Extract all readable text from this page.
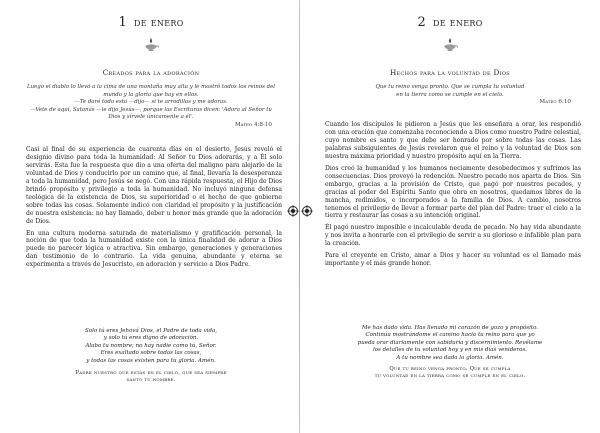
1 de enero
Creados para la adoración
Luego el diablo lo llevó a la cima de una montaña muy alta y le mostró todos los reinos del mundo y la gloria que hay en ellos.
—Te daré todo esto —dijo— si te arrodillas y me adoras.
—Vete de aquí, Satanás —le dijo Jesús—, porque las Escrituras dicen: 'Adora al Señor tu Dios y sírvele únicamente a él'.
Mateo 4:8-10

Casi al final de su experiencia de cuarenta días en el desierto, Jesús reveló el designio divino para toda la humanidad: Al Señor tu Dios adorarás, y a Él solo servirás. Esta fue la respuesta que dio a una oferta del maligno para alejarlo de la voluntad de Dios y conducirlo por un camino que, al final, llevaría la desesperanza a toda la humanidad, pero Jesús se negó. Con una rápida respuesta, el Hijo de Dios brindó propósito y privilegio a toda la humanidad. No incluyó ninguna defensa teológica de la existencia de Dios, su superioridad o el hecho de que gobierne sobre todas las cosas. Solamente indicó con claridad el propósito y la justificación de nuestra existencia: no hay llamado, deber u honor más grande que la adoración de Dios.

En una cultura moderna saturada de materialismo y gratificación personal, la noción de que toda la humanidad existe con la única finalidad de adorar a Dios puede no parecer lógica o atractiva. Sin embargo, generaciones y generaciones dan testimonio de lo contrario. La vida genuina, abundante y eterna se experimenta a través de Jesucristo, en adoración y servicio a Dios Padre.

Solo tú eres Jehová Dios, el Padre de toda vida,
y solo tú eres digno de adoración.
Alabo tu nombre; no hay nadie como tú, Señor.
Eres exaltado sobre todas las cosas,
y todas las cosas existen para tu gloria. Amén.
Padre nuestro que estás en el cielo, que sea siempre
santo tu nombre.
2 de enero
Hechos para la voluntad de Dios
Que tu reino venga pronto. Que se cumpla tu voluntad
en la tierra como se cumple en el cielo.
Mateo 6:10

Cuando los discípulos le pidieron a Jesús que les enseñara a orar, les respondió con una oración que comenzaba reconociendo a Dios como nuestro Padre celestial, cuyo nombre es santo y que debe ser honrado por sobre todas las cosas. Las palabras subsiguientes de Jesús revelaron que el reino y la voluntad de Dios son nuestra máxima prioridad y nuestro propósito aquí en la Tierra.

Dios creó la humanidad y los humanos neciamente desobedecimos y sufrimos las consecuencias. Dios proveyó la redención. Nuestro pecado nos aparta de Dios. Sin embargo, gracias a la provisión de Cristo, que pagó por nuestros pecados, y gracias al poder del Espíritu Santo que obra en nosotros, quedamos libres de la mancha, redimidos, e incorporados a la familia de Dios. A cambio, nosotros tenemos el privilegio de llevar a formar parte del plan del Padre: traer el cielo a la tierra y restaurar las cosas a su intención original.

Él pagó nuestro imposible e incalculable deuda de pecado. No hay vida abundante y nos invita a honrarle con el privilegio de servir a su glorioso e infalible plan para la creación.

Para el creyente en Cristo, amar a Dios y hacer su voluntad es el llamado más importante y el más grande honor.

Me has dado vida. Has llenado mi corazón de gozo y propósito.
Continúa mostrándome el camino hacia tu reino para que yo
pueda orar diariamente con sabiduría y discernimiento. Revélame
los detalles de tu voluntad hoy y en mis días venideros.
A tu nombre sea dada la gloria. Amén.
Que tu reino venga pronto. Que se cumpla
tu voluntad en la tierra como se cumple en el cielo.
